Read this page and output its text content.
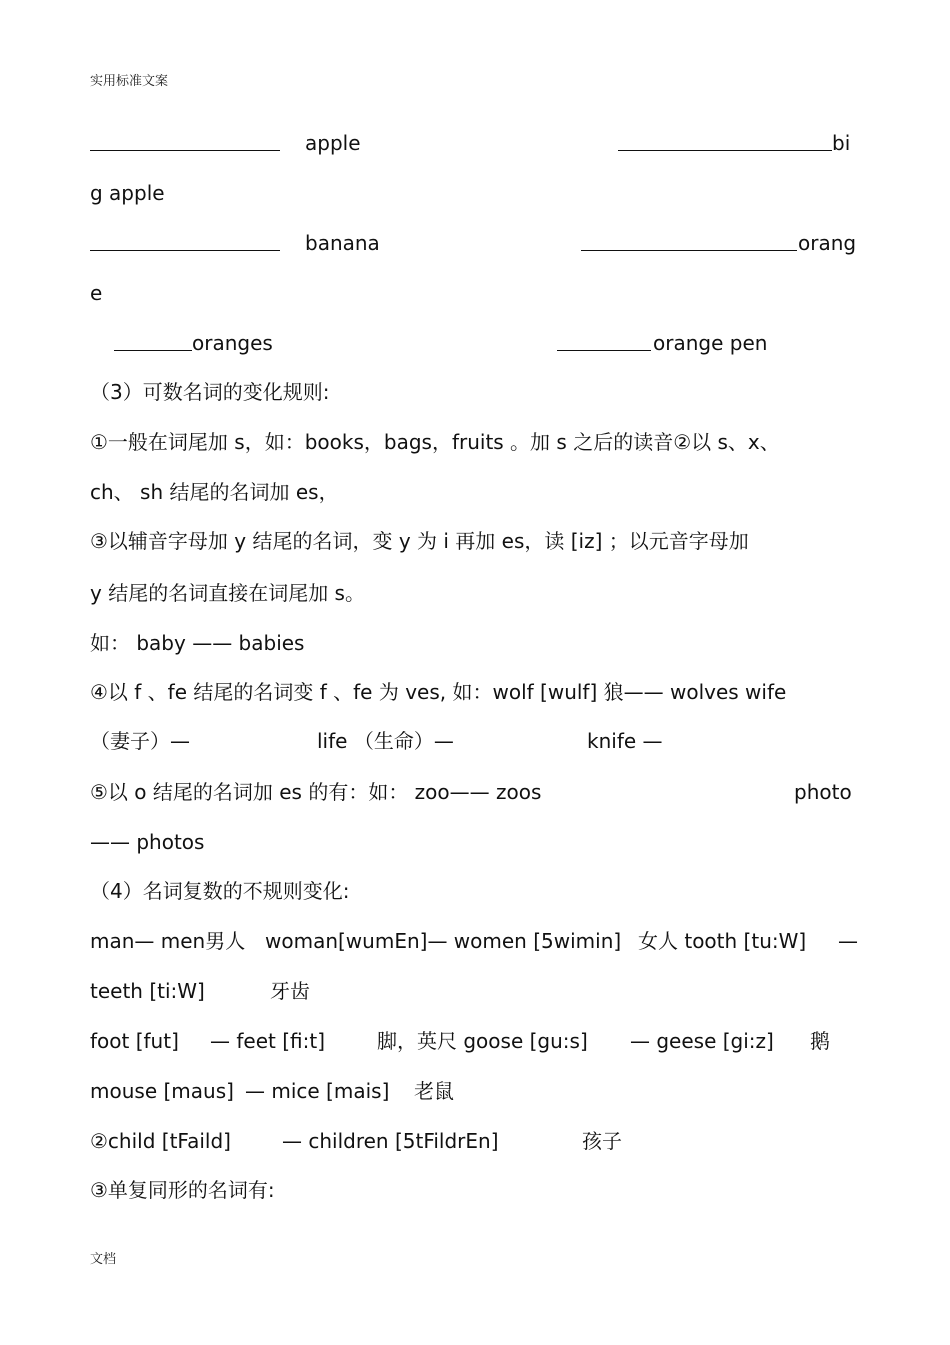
实用标准文案
apple	bi
g apple
banana	orang
e
oranges	orange pen
（3）可数名词的变化规则:
①一般在词尾加 s，如：books，bags，fruits 。加 s 之后的读音②以 s、x、
ch、 sh 结尾的名词加 es，
③以辅音字母加 y 结尾的名词，变 y 为 i 再加 es，读 [iz] ；以元音字母加
y 结尾的名词直接在词尾加 s。
如： baby —— babies
④以 f 、fe 结尾的名词变 f 、fe 为 ves, 如：wolf [wulf] 狼—— wolves wife
（妻子）—	life （生命）—	knife —
⑤以 o 结尾的名词加 es 的有：如： zoo—— zoos	photo
—— photos
（4）名词复数的不规则变化:
man— men男人 woman[wumEn]— women [5wimin] 女人 tooth [tu:W] —
teeth [ti:W]	牙齿
foot [fut] — feet [fi:t]	脚，英尺 goose [gu:s] — geese [gi:z] 鹅
mouse [maus] — mice [mais] 老鼠
②child [tFaild]	— children [5tFildrEn]	孩子
③单复同形的名词有:
文档
